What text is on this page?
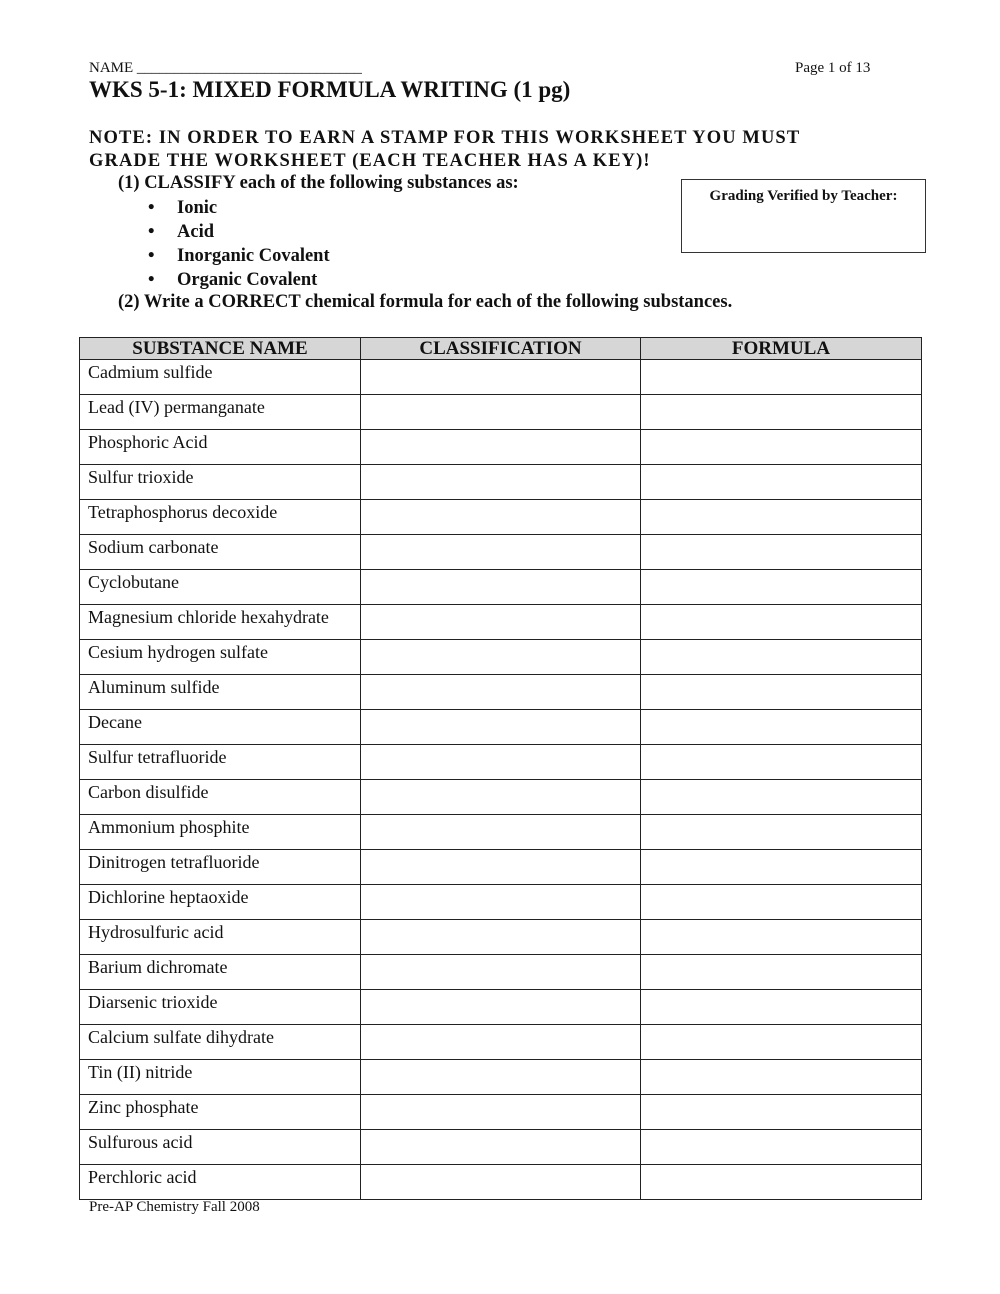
NAME ______________________________	Page 1 of 13
WKS 5-1: MIXED FORMULA WRITING (1 pg)
NOTE: IN ORDER TO EARN A STAMP FOR THIS WORKSHEET YOU MUST
GRADE THE WORKSHEET (EACH TEACHER HAS A KEY)!
(1) CLASSIFY each of the following substances as:
•	Ionic
•	Acid
•	Inorganic Covalent
•	Organic Covalent
(2) Write a CORRECT chemical formula for each of the following substances.
Grading Verified by Teacher:
SUBSTANCE NAME	CLASSIFICATION	FORMULA
Cadmium sulfide		
Lead (IV) permanganate		
Phosphoric Acid		
Sulfur trioxide		
Tetraphosphorus decoxide		
Sodium carbonate		
Cyclobutane		
Magnesium chloride hexahydrate		
Cesium hydrogen sulfate		
Aluminum sulfide		
Decane		
Sulfur tetrafluoride		
Carbon disulfide		
Ammonium phosphite		
Dinitrogen tetrafluoride		
Dichlorine heptaoxide		
Hydrosulfuric acid		
Barium dichromate		
Diarsenic trioxide		
Calcium sulfate dihydrate		
Tin (II) nitride		
Zinc phosphate		
Sulfurous acid		
Perchloric acid		
Pre-AP Chemistry Fall 2008
